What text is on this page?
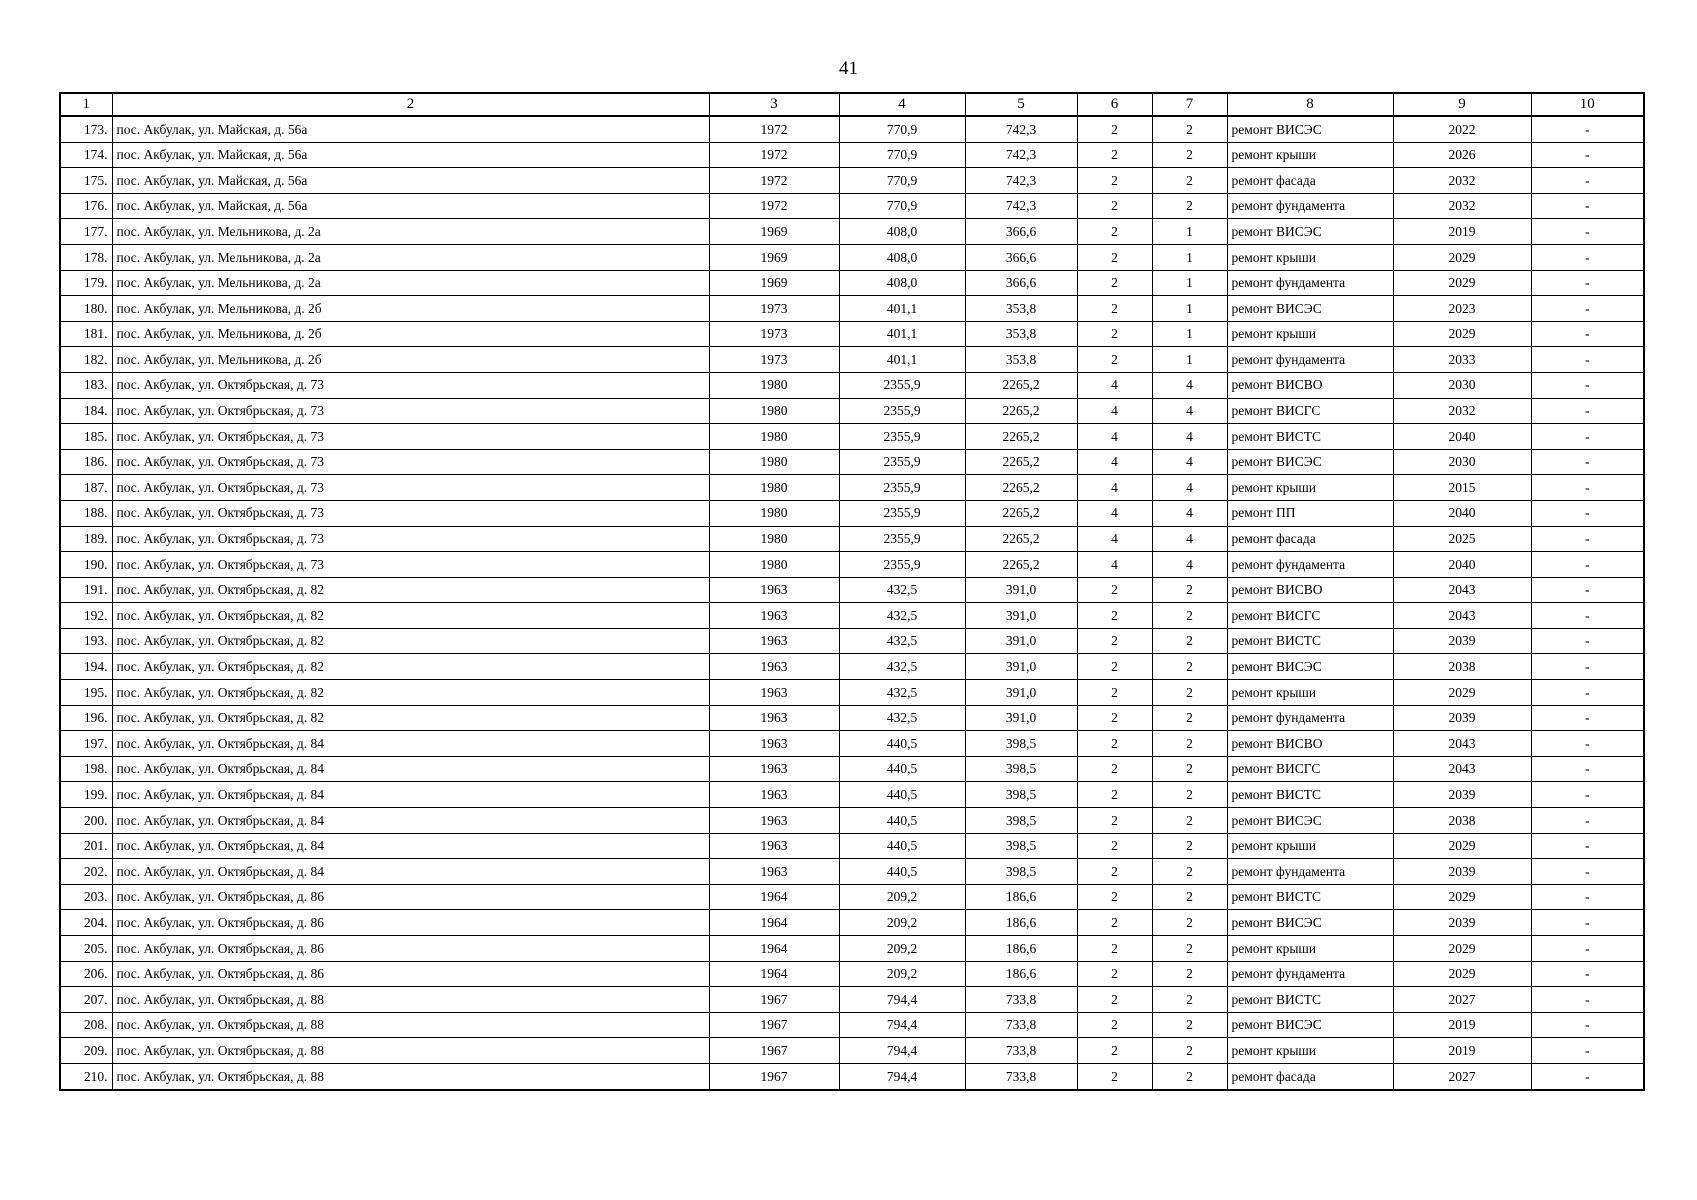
41
1	2	3	4	5	6	7	8	9	10
173.	пос. Акбулак, ул. Майская, д. 56а	1972	770,9	742,3	2	2	ремонт ВИСЭС	2022	-
174.	пос. Акбулак, ул. Майская, д. 56а	1972	770,9	742,3	2	2	ремонт крыши	2026	-
175.	пос. Акбулак, ул. Майская, д. 56а	1972	770,9	742,3	2	2	ремонт фасада	2032	-
176.	пос. Акбулак, ул. Майская, д. 56а	1972	770,9	742,3	2	2	ремонт фундамента	2032	-
177.	пос. Акбулак, ул. Мельникова, д. 2а	1969	408,0	366,6	2	1	ремонт ВИСЭС	2019	-
178.	пос. Акбулак, ул. Мельникова, д. 2а	1969	408,0	366,6	2	1	ремонт крыши	2029	-
179.	пос. Акбулак, ул. Мельникова, д. 2а	1969	408,0	366,6	2	1	ремонт фундамента	2029	-
180.	пос. Акбулак, ул. Мельникова, д. 2б	1973	401,1	353,8	2	1	ремонт ВИСЭС	2023	-
181.	пос. Акбулак, ул. Мельникова, д. 2б	1973	401,1	353,8	2	1	ремонт крыши	2029	-
182.	пос. Акбулак, ул. Мельникова, д. 2б	1973	401,1	353,8	2	1	ремонт фундамента	2033	-
183.	пос. Акбулак, ул. Октябрьская, д. 73	1980	2355,9	2265,2	4	4	ремонт ВИСВО	2030	-
184.	пос. Акбулак, ул. Октябрьская, д. 73	1980	2355,9	2265,2	4	4	ремонт ВИСГС	2032	-
185.	пос. Акбулак, ул. Октябрьская, д. 73	1980	2355,9	2265,2	4	4	ремонт ВИСТС	2040	-
186.	пос. Акбулак, ул. Октябрьская, д. 73	1980	2355,9	2265,2	4	4	ремонт ВИСЭС	2030	-
187.	пос. Акбулак, ул. Октябрьская, д. 73	1980	2355,9	2265,2	4	4	ремонт крыши	2015	-
188.	пос. Акбулак, ул. Октябрьская, д. 73	1980	2355,9	2265,2	4	4	ремонт ПП	2040	-
189.	пос. Акбулак, ул. Октябрьская, д. 73	1980	2355,9	2265,2	4	4	ремонт фасада	2025	-
190.	пос. Акбулак, ул. Октябрьская, д. 73	1980	2355,9	2265,2	4	4	ремонт фундамента	2040	-
191.	пос. Акбулак, ул. Октябрьская, д. 82	1963	432,5	391,0	2	2	ремонт ВИСВО	2043	-
192.	пос. Акбулак, ул. Октябрьская, д. 82	1963	432,5	391,0	2	2	ремонт ВИСГС	2043	-
193.	пос. Акбулак, ул. Октябрьская, д. 82	1963	432,5	391,0	2	2	ремонт ВИСТС	2039	-
194.	пос. Акбулак, ул. Октябрьская, д. 82	1963	432,5	391,0	2	2	ремонт ВИСЭС	2038	-
195.	пос. Акбулак, ул. Октябрьская, д. 82	1963	432,5	391,0	2	2	ремонт крыши	2029	-
196.	пос. Акбулак, ул. Октябрьская, д. 82	1963	432,5	391,0	2	2	ремонт фундамента	2039	-
197.	пос. Акбулак, ул. Октябрьская, д. 84	1963	440,5	398,5	2	2	ремонт ВИСВО	2043	-
198.	пос. Акбулак, ул. Октябрьская, д. 84	1963	440,5	398,5	2	2	ремонт ВИСГС	2043	-
199.	пос. Акбулак, ул. Октябрьская, д. 84	1963	440,5	398,5	2	2	ремонт ВИСТС	2039	-
200.	пос. Акбулак, ул. Октябрьская, д. 84	1963	440,5	398,5	2	2	ремонт ВИСЭС	2038	-
201.	пос. Акбулак, ул. Октябрьская, д. 84	1963	440,5	398,5	2	2	ремонт крыши	2029	-
202.	пос. Акбулак, ул. Октябрьская, д. 84	1963	440,5	398,5	2	2	ремонт фундамента	2039	-
203.	пос. Акбулак, ул. Октябрьская, д. 86	1964	209,2	186,6	2	2	ремонт ВИСТС	2029	-
204.	пос. Акбулак, ул. Октябрьская, д. 86	1964	209,2	186,6	2	2	ремонт ВИСЭС	2039	-
205.	пос. Акбулак, ул. Октябрьская, д. 86	1964	209,2	186,6	2	2	ремонт крыши	2029	-
206.	пос. Акбулак, ул. Октябрьская, д. 86	1964	209,2	186,6	2	2	ремонт фундамента	2029	-
207.	пос. Акбулак, ул. Октябрьская, д. 88	1967	794,4	733,8	2	2	ремонт ВИСТС	2027	-
208.	пос. Акбулак, ул. Октябрьская, д. 88	1967	794,4	733,8	2	2	ремонт ВИСЭС	2019	-
209.	пос. Акбулак, ул. Октябрьская, д. 88	1967	794,4	733,8	2	2	ремонт крыши	2019	-
210.	пос. Акбулак, ул. Октябрьская, д. 88	1967	794,4	733,8	2	2	ремонт фасада	2027	-
